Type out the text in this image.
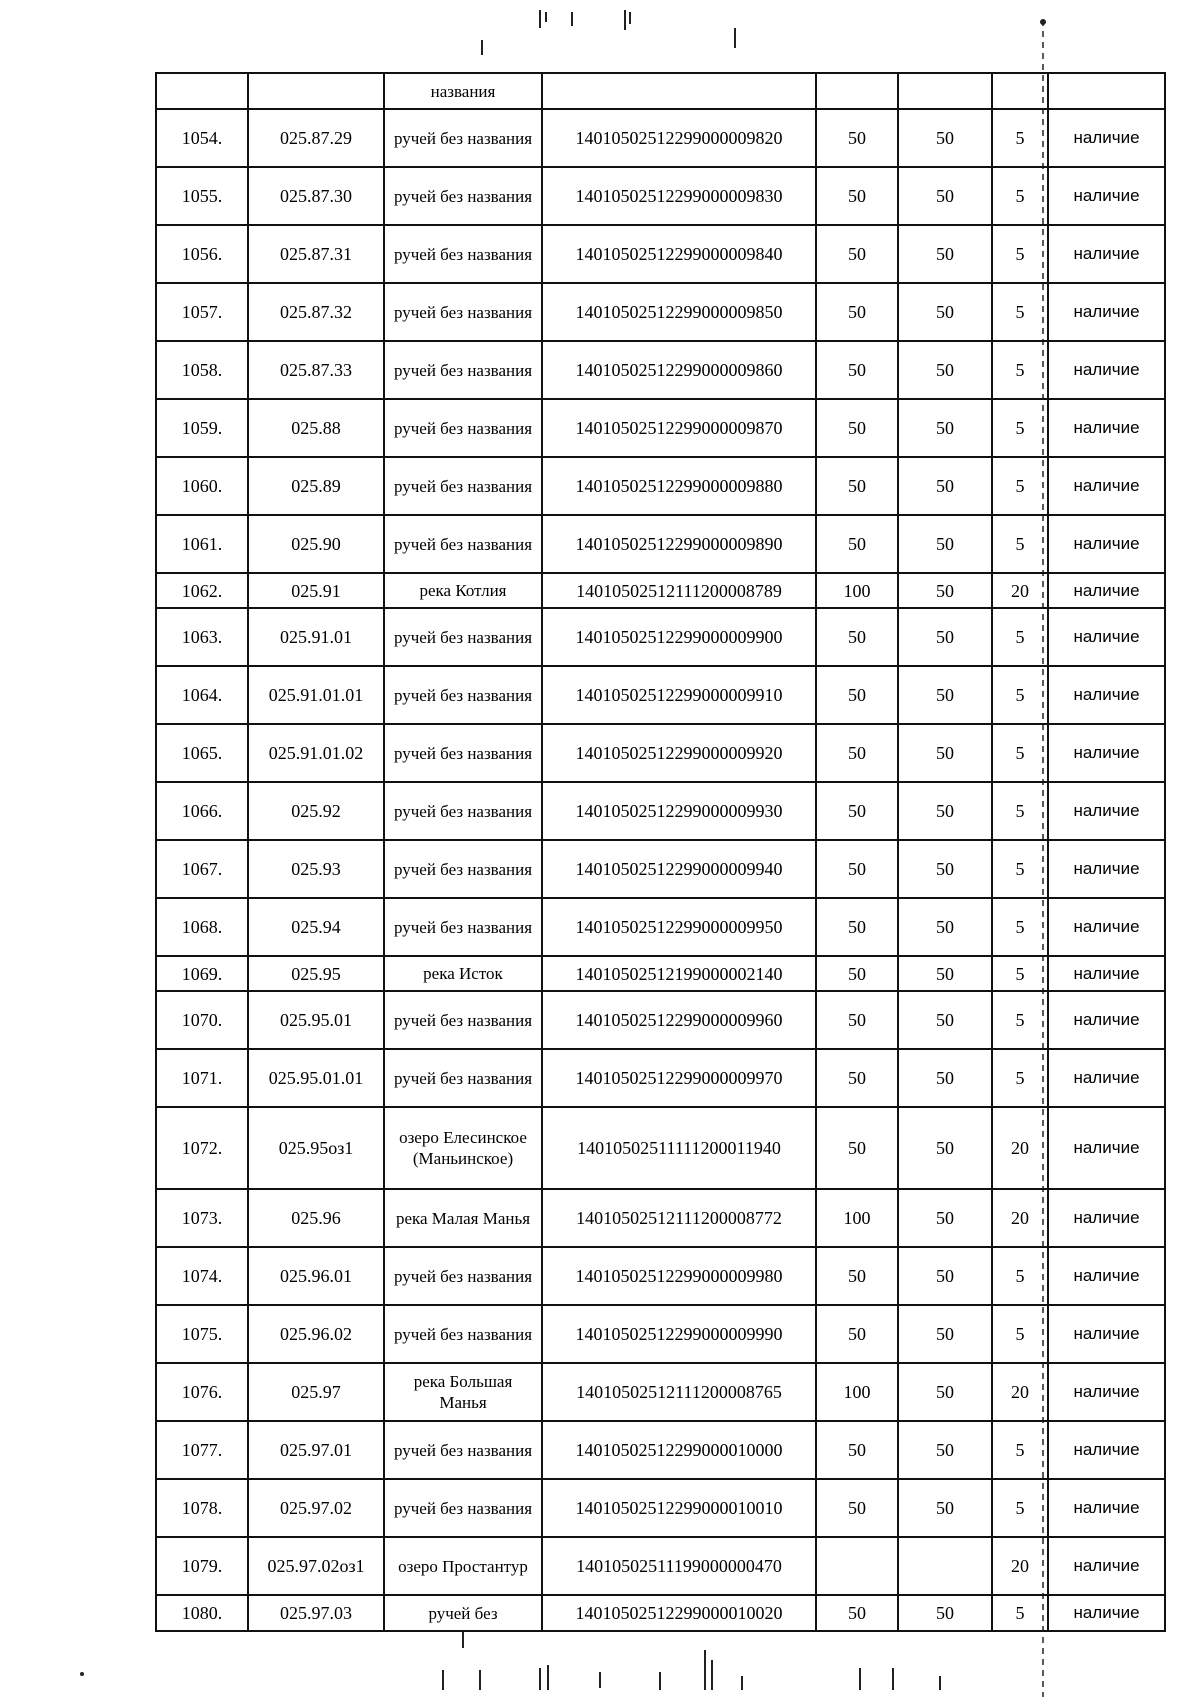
		названия					
1054.	025.87.29	ручей без названия	14010502512299000009820	50	50	5	наличие
1055.	025.87.30	ручей без названия	14010502512299000009830	50	50	5	наличие
1056.	025.87.31	ручей без названия	14010502512299000009840	50	50	5	наличие
1057.	025.87.32	ручей без названия	14010502512299000009850	50	50	5	наличие
1058.	025.87.33	ручей без названия	14010502512299000009860	50	50	5	наличие
1059.	025.88	ручей без названия	14010502512299000009870	50	50	5	наличие
1060.	025.89	ручей без названия	14010502512299000009880	50	50	5	наличие
1061.	025.90	ручей без названия	14010502512299000009890	50	50	5	наличие
1062.	025.91	река Котлия	14010502512111200008789	100	50	20	наличие
1063.	025.91.01	ручей без названия	14010502512299000009900	50	50	5	наличие
1064.	025.91.01.01	ручей без названия	14010502512299000009910	50	50	5	наличие
1065.	025.91.01.02	ручей без названия	14010502512299000009920	50	50	5	наличие
1066.	025.92	ручей без названия	14010502512299000009930	50	50	5	наличие
1067.	025.93	ручей без названия	14010502512299000009940	50	50	5	наличие
1068.	025.94	ручей без названия	14010502512299000009950	50	50	5	наличие
1069.	025.95	река Исток	14010502512199000002140	50	50	5	наличие
1070.	025.95.01	ручей без названия	14010502512299000009960	50	50	5	наличие
1071.	025.95.01.01	ручей без названия	14010502512299000009970	50	50	5	наличие
1072.	025.95оз1	озеро Елесинское (Маньинское)	14010502511111200011940	50	50	20	наличие
1073.	025.96	река Малая Манья	14010502512111200008772	100	50	20	наличие
1074.	025.96.01	ручей без названия	14010502512299000009980	50	50	5	наличие
1075.	025.96.02	ручей без названия	14010502512299000009990	50	50	5	наличие
1076.	025.97	река Большая Манья	14010502512111200008765	100	50	20	наличие
1077.	025.97.01	ручей без названия	14010502512299000010000	50	50	5	наличие
1078.	025.97.02	ручей без названия	14010502512299000010010	50	50	5	наличие
1079.	025.97.02оз1	озеро Простантур	14010502511199000000470			20	наличие
1080.	025.97.03	ручей без	14010502512299000010020	50	50	5	наличие
